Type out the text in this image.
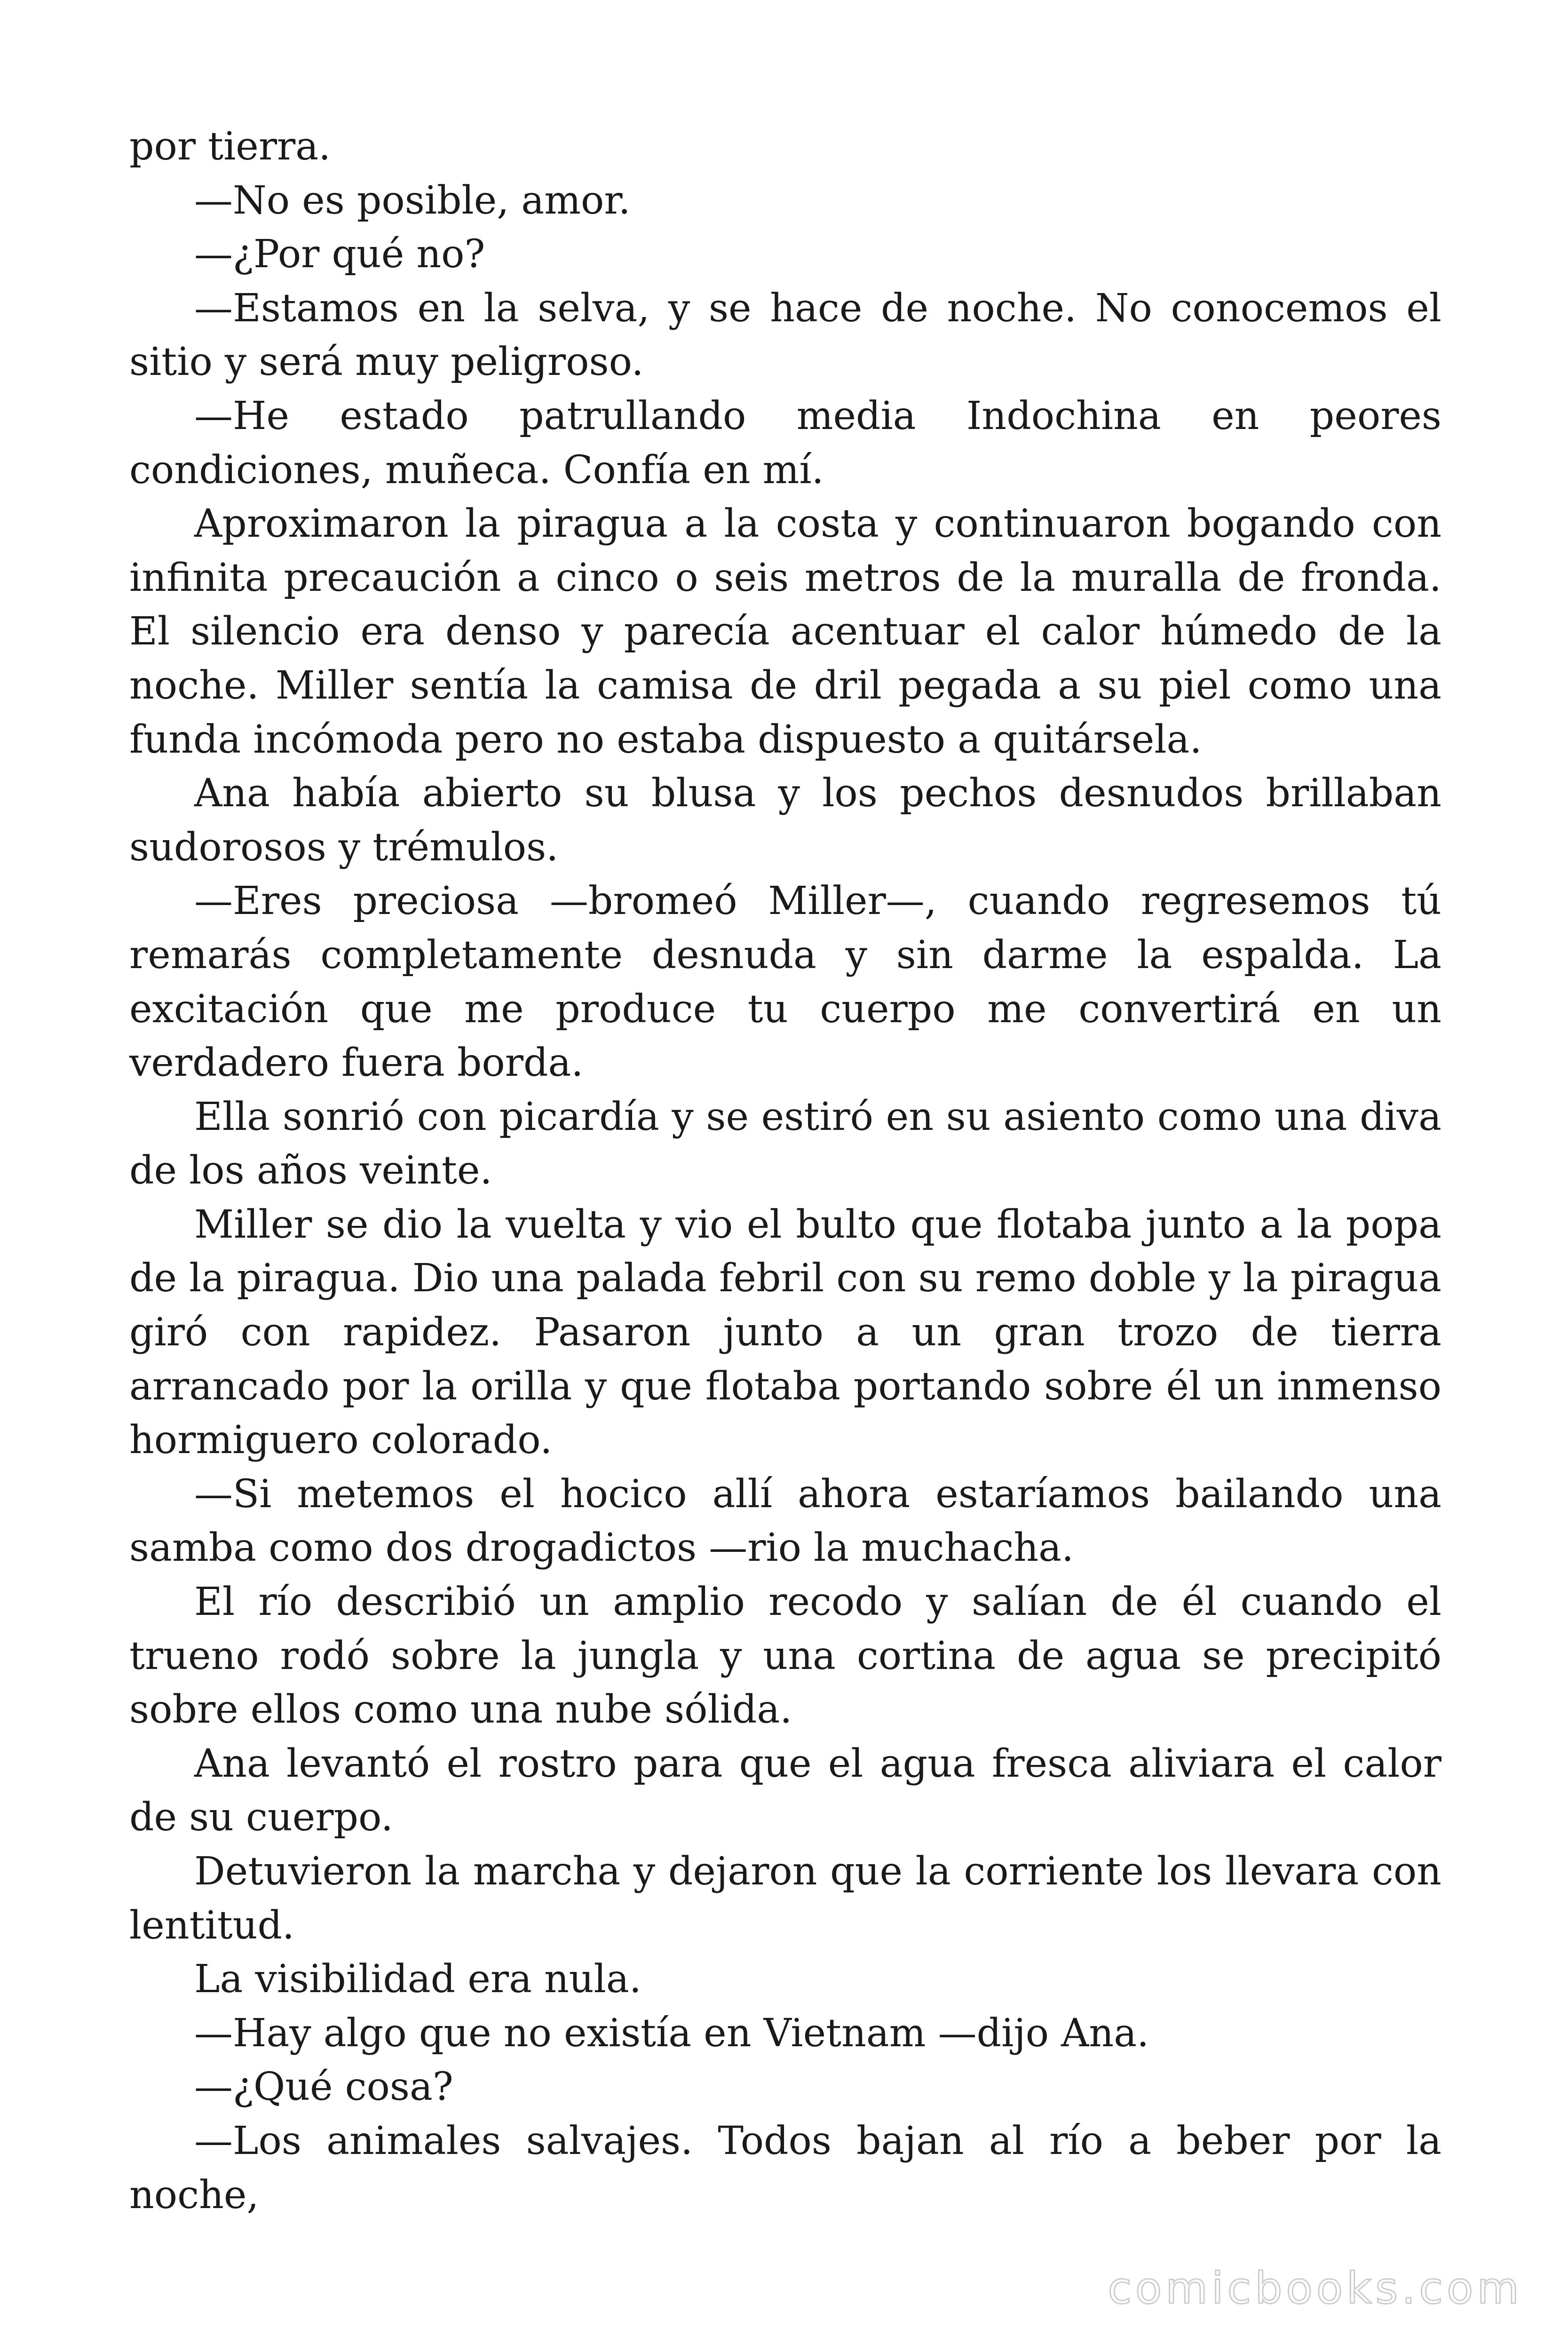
por tierra.

—No es posible, amor.

—¿Por qué no?

—Estamos en la selva, y se hace de noche. No conocemos el sitio y será muy peligroso.

—He estado patrullando media Indochina en peores condiciones, muñeca. Confía en mí.

Aproximaron la piragua a la costa y continuaron bogando con infinita precaución a cinco o seis metros de la muralla de fronda. El silencio era denso y parecía acentuar el calor húmedo de la noche. Miller sentía la camisa de dril pegada a su piel como una funda incómoda pero no estaba dispuesto a quitársela.

Ana había abierto su blusa y los pechos desnudos brillaban sudorosos y trémulos.

—Eres preciosa —bromeó Miller—, cuando regresemos tú remarás completamente desnuda y sin darme la espalda. La excitación que me produce tu cuerpo me convertirá en un verdadero fuera borda.

Ella sonrió con picardía y se estiró en su asiento como una diva de los años veinte.

Miller se dio la vuelta y vio el bulto que flotaba junto a la popa de la piragua. Dio una palada febril con su remo doble y la piragua giró con rapidez. Pasaron junto a un gran trozo de tierra arrancado por la orilla y que flotaba portando sobre él un inmenso hormiguero colorado.

—Si metemos el hocico allí ahora estaríamos bailando una samba como dos drogadictos —rio la muchacha.

El río describió un amplio recodo y salían de él cuando el trueno rodó sobre la jungla y una cortina de agua se precipitó sobre ellos como una nube sólida.

Ana levantó el rostro para que el agua fresca aliviara el calor de su cuerpo.

Detuvieron la marcha y dejaron que la corriente los llevara con lentitud.

La visibilidad era nula.

—Hay algo que no existía en Vietnam —dijo Ana.

—¿Qué cosa?

—Los animales salvajes. Todos bajan al río a beber por la noche,

comicbooks.com
